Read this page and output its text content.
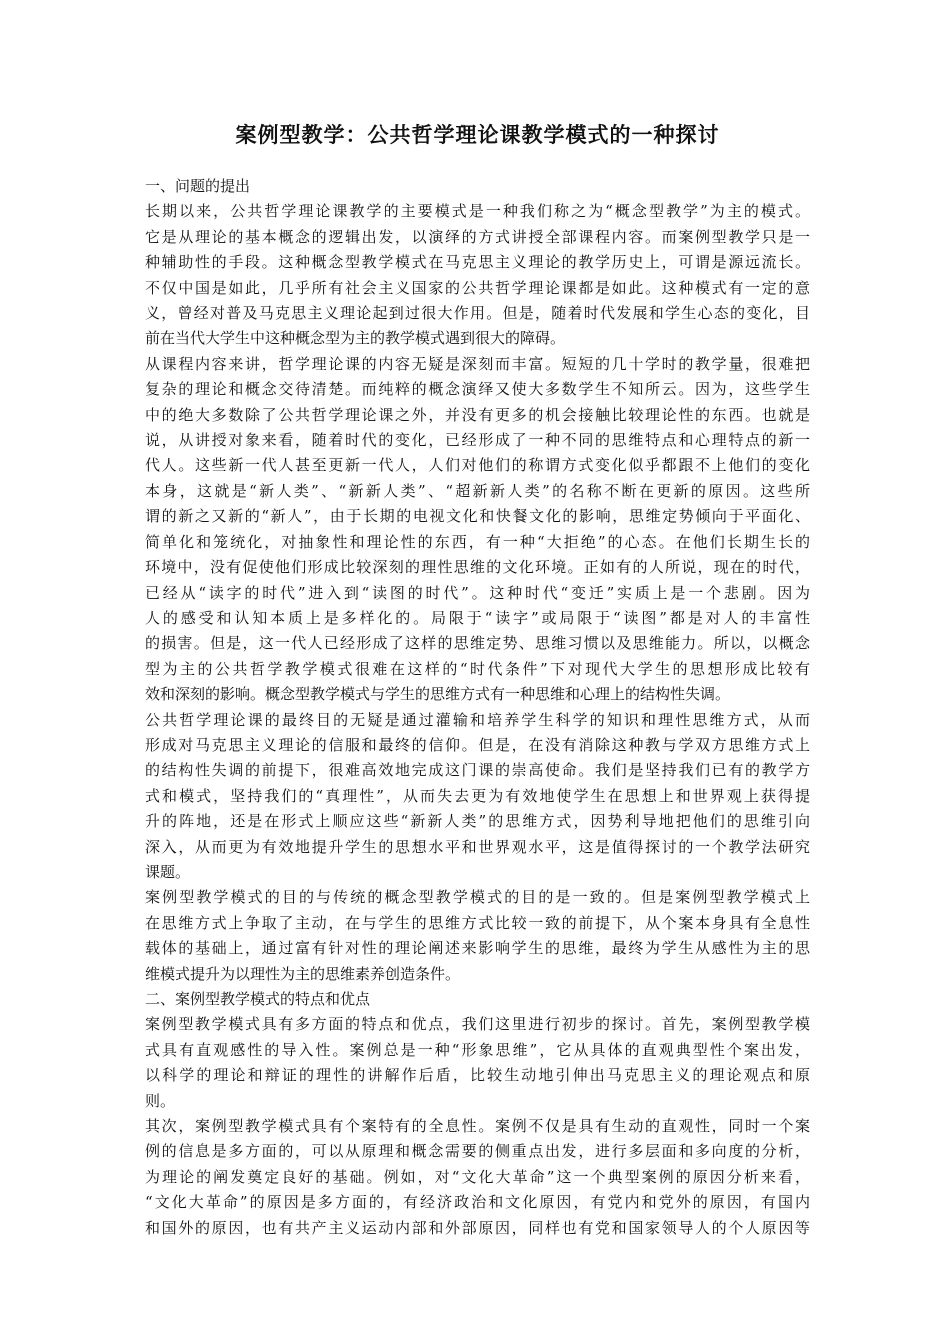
案例型教学：公共哲学理论课教学模式的一种探讨
一、问题的提出
长期以来，公共哲学理论课教学的主要模式是一种我们称之为“概念型教学”为主的模式。
它是从理论的基本概念的逻辑出发，以演绎的方式讲授全部课程内容。而案例型教学只是一
种辅助性的手段。这种概念型教学模式在马克思主义理论的教学历史上，可谓是源远流长。
不仅中国是如此，几乎所有社会主义国家的公共哲学理论课都是如此。这种模式有一定的意
义，曾经对普及马克思主义理论起到过很大作用。但是，随着时代发展和学生心态的变化，目
前在当代大学生中这种概念型为主的教学模式遇到很大的障碍。
从课程内容来讲，哲学理论课的内容无疑是深刻而丰富。短短的几十学时的教学量，很难把
复杂的理论和概念交待清楚。而纯粹的概念演绎又使大多数学生不知所云。因为，这些学生
中的绝大多数除了公共哲学理论课之外，并没有更多的机会接触比较理论性的东西。也就是
说，从讲授对象来看，随着时代的变化，已经形成了一种不同的思维特点和心理特点的新一
代人。这些新一代人甚至更新一代人，人们对他们的称谓方式变化似乎都跟不上他们的变化
本身，这就是“新人类”、“新新人类”、“超新新人类”的名称不断在更新的原因。这些所
谓的新之又新的“新人”，由于长期的电视文化和快餐文化的影响，思维定势倾向于平面化、
简单化和笼统化，对抽象性和理论性的东西，有一种“大拒绝”的心态。在他们长期生长的
环境中，没有促使他们形成比较深刻的理性思维的文化环境。正如有的人所说，现在的时代，
已经从“读字的时代”进入到“读图的时代”。这种时代“变迁”实质上是一个悲剧。因为
人的感受和认知本质上是多样化的。局限于“读字”或局限于“读图”都是对人的丰富性
的损害。但是，这一代人已经形成了这样的思维定势、思维习惯以及思维能力。所以，以概念
型为主的公共哲学教学模式很难在这样的“时代条件”下对现代大学生的思想形成比较有
效和深刻的影响。概念型教学模式与学生的思维方式有一种思维和心理上的结构性失调。
公共哲学理论课的最终目的无疑是通过灌输和培养学生科学的知识和理性思维方式，从而
形成对马克思主义理论的信服和最终的信仰。但是，在没有消除这种教与学双方思维方式上
的结构性失调的前提下，很难高效地完成这门课的崇高使命。我们是坚持我们已有的教学方
式和模式，坚持我们的“真理性”，从而失去更为有效地使学生在思想上和世界观上获得提
升的阵地，还是在形式上顺应这些“新新人类”的思维方式，因势利导地把他们的思维引向
深入，从而更为有效地提升学生的思想水平和世界观水平，这是值得探讨的一个教学法研究
课题。
案例型教学模式的目的与传统的概念型教学模式的目的是一致的。但是案例型教学模式上
在思维方式上争取了主动，在与学生的思维方式比较一致的前提下，从个案本身具有全息性
载体的基础上，通过富有针对性的理论阐述来影响学生的思维，最终为学生从感性为主的思
维模式提升为以理性为主的思维素养创造条件。
二、案例型教学模式的特点和优点
案例型教学模式具有多方面的特点和优点，我们这里进行初步的探讨。首先，案例型教学模
式具有直观感性的导入性。案例总是一种“形象思维”，它从具体的直观典型性个案出发，
以科学的理论和辩证的理性的讲解作后盾，比较生动地引伸出马克思主义的理论观点和原
则。
其次，案例型教学模式具有个案特有的全息性。案例不仅是具有生动的直观性，同时一个案
例的信息是多方面的，可以从原理和概念需要的侧重点出发，进行多层面和多向度的分析，
为理论的阐发奠定良好的基础。例如，对“文化大革命”这一个典型案例的原因分析来看，
“文化大革命”的原因是多方面的，有经济政治和文化原因，有党内和党外的原因，有国内
和国外的原因，也有共产主义运动内部和外部原因，同样也有党和国家领导人的个人原因等
